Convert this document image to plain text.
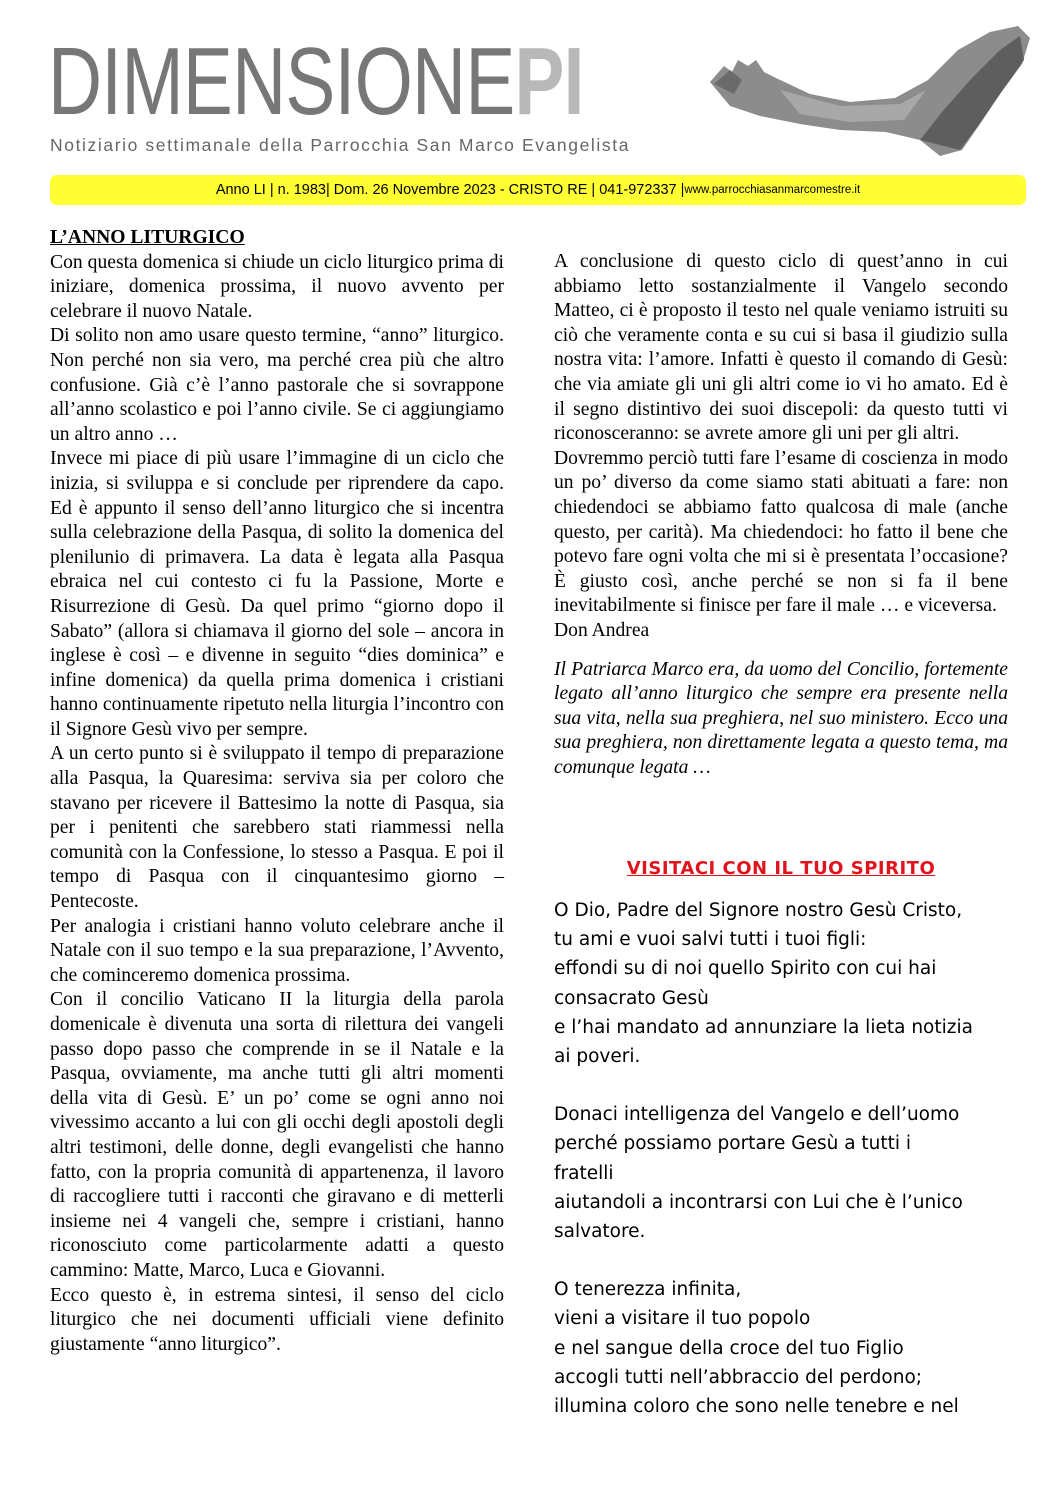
DIMENSIONEPI
Notiziario settimanale della Parrocchia San Marco Evangelista
Anno LI | n. 1983| Dom. 26 Novembre 2023 - CRISTO RE | 041-972337 | www.parrocchiasanmarcomestre.it

L’ANNO LITURGICO

Con questa domenica si chiude un ciclo liturgico prima di iniziare, domenica prossima, il nuovo avvento per celebrare il nuovo Natale.

Di solito non amo usare questo termine, “anno” liturgico. Non perché non sia vero, ma perché crea più che altro confusione. Già c’è l’anno pastorale che si sovrappone all’anno scolastico e poi l’anno civile. Se ci aggiungiamo un altro anno …

Invece mi piace di più usare l’immagine di un ciclo che inizia, si sviluppa e si conclude per riprendere da capo. Ed è appunto il senso dell’anno liturgico che si incentra sulla celebrazione della Pasqua, di solito la domenica del plenilunio di primavera. La data è legata alla Pasqua ebraica nel cui contesto ci fu la Passione, Morte e Risurrezione di Gesù. Da quel primo “giorno dopo il Sabato” (allora si chiamava il giorno del sole – ancora in inglese è così – e divenne in seguito “dies dominica” e infine domenica) da quella prima domenica i cristiani hanno continuamente ripetuto nella liturgia l’incontro con il Signore Gesù vivo per sempre.

A un certo punto si è sviluppato il tempo di preparazione alla Pasqua, la Quaresima: serviva sia per coloro che stavano per ricevere il Battesimo la notte di Pasqua, sia per i penitenti che sarebbero stati riammessi nella comunità con la Confessione, lo stesso a Pasqua. E poi il tempo di Pasqua con il cinquantesimo giorno – Pentecoste.

Per analogia i cristiani hanno voluto celebrare anche il Natale con il suo tempo e la sua preparazione, l’Avvento, che cominceremo domenica prossima.

Con il concilio Vaticano II la liturgia della parola domenicale è divenuta una sorta di rilettura dei vangeli passo dopo passo che comprende in se il Natale e la Pasqua, ovviamente, ma anche tutti gli altri momenti della vita di Gesù. E’ un po’ come se ogni anno noi vivessimo accanto a lui con gli occhi degli apostoli degli altri testimoni, delle donne, degli evangelisti che hanno fatto, con la propria comunità di appartenenza, il lavoro di raccogliere tutti i racconti che giravano e di metterli insieme nei 4 vangeli che, sempre i cristiani, hanno riconosciuto come particolarmente adatti a questo cammino: Matte, Marco, Luca e Giovanni.

Ecco questo è, in estrema sintesi, il senso del ciclo liturgico che nei documenti ufficiali viene definito giustamente “anno liturgico”.

A conclusione di questo ciclo di quest’anno in cui abbiamo letto sostanzialmente il Vangelo secondo Matteo, ci è proposto il testo nel quale veniamo istruiti su ciò che veramente conta e su cui si basa il giudizio sulla nostra vita: l’amore. Infatti è questo il comando di Gesù: che via amiate gli uni gli altri come io vi ho amato. Ed è il segno distintivo dei suoi discepoli: da questo tutti vi riconosceranno: se avrete amore gli uni per gli altri.

Dovremmo perciò tutti fare l’esame di coscienza in modo un po’ diverso da come siamo stati abituati a fare: non chiedendoci se abbiamo fatto qualcosa di male (anche questo, per carità). Ma chiedendoci: ho fatto il bene che potevo fare ogni volta che mi si è presentata l’occasione? È giusto così, anche perché se non si fa il bene inevitabilmente si finisce per fare il male … e viceversa.

Don Andrea

Il Patriarca Marco era, da uomo del Concilio, fortemente legato all’anno liturgico che sempre era presente nella sua vita, nella sua preghiera, nel suo ministero. Ecco una sua preghiera, non direttamente legata a questo tema, ma comunque legata …

VISITACI CON IL TUO SPIRITO

O Dio, Padre del Signore nostro Gesù Cristo,
tu ami e vuoi salvi tutti i tuoi figli:
effondi su di noi quello Spirito con cui hai
consacrato Gesù
e l’hai mandato ad annunziare la lieta notizia
ai poveri.
Donaci intelligenza del Vangelo e dell’uomo
perché possiamo portare Gesù a tutti i
fratelli
aiutandoli a incontrarsi con Lui che è l’unico
salvatore.
O tenerezza infinita,
vieni a visitare il tuo popolo
e nel sangue della croce del tuo Figlio
accogli tutti nell’abbraccio del perdono;
illumina coloro che sono nelle tenebre e nel
